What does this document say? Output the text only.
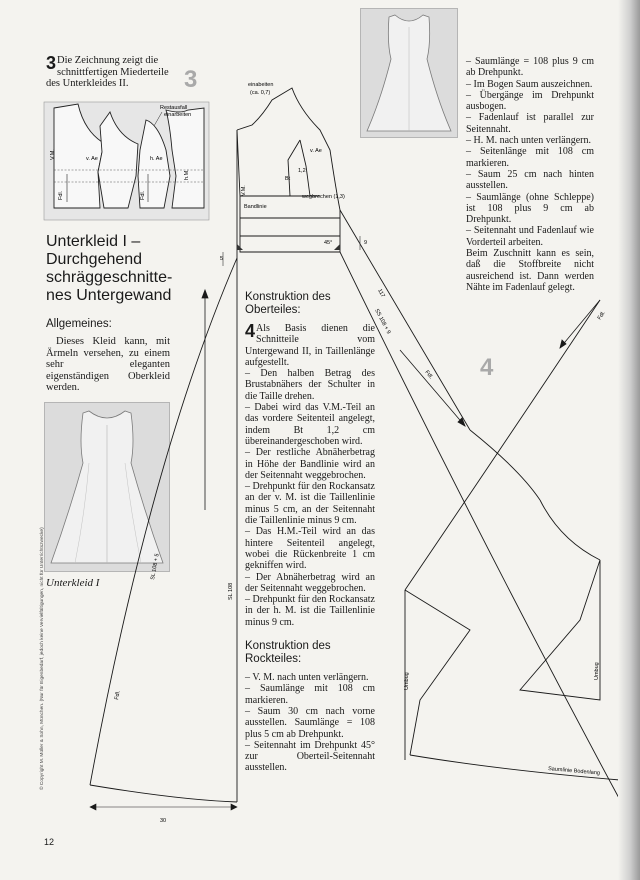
3 Die Zeichnung zeigt die schnittfertigen Miederteile des Unterkleides II.
V.M.	v. Ae	h. Ae
h.M.
Fdl.	Fdl.
Restausfall
einarbeiten
3
Unterkleid I –
Durchgehend
schräggeschnitte-
nes Untergewand
Allgemeines:
Dieses Kleid kann, mit Ärmeln versehen, zu einem sehr eleganten eigenständigen Oberkleid werden.
Unterkleid I
© Copyright M. Müller & Sohn, München. (Nur für Eigenbedarf, jedoch keine Vervielfältigungen, nicht für Unterrichtszwecke)
12
einabeiten
(ca. 0,7)
v. Ae
Bt
1,2
wegbrechen (1,3)
V.M.
Bandlinie
45°
5
9
SL 108
SL 108 + 5
SS 108 + 9
117
Fdl.
Fdl.
Fdl.
30
Umbug
Umbug
Saumlinie Bodenlang
4
Konstruktion des
Oberteiles:

4 Als Basis dienen die Schnitteile vom Untergewand II, in Taillenlänge aufgestellt.

– Den halben Betrag des Brustabnähers der Schulter in die Taille drehen.

– Dabei wird das V.M.-Teil an das vordere Seitenteil angelegt, indem Bt 1,2 cm übereinandergeschoben wird.

– Der restliche Abnäherbetrag in Höhe der Bandlinie wird an der Seitennaht weggebrochen.

– Drehpunkt für den Rockansatz an der v. M. ist die Taillenlinie minus 5 cm, an der Seitennaht die Taillenlinie minus 9 cm.

– Das H.M.-Teil wird an das hintere Seitenteil angelegt, wobei die Rückenbreite 1 cm gekniffen wird.

– Der Abnäherbetrag wird an der Seitennaht weggebrochen.

– Drehpunkt für den Rockansatz in der h. M. ist die Taillenlinie minus 9 cm.

Konstruktion des
Rockteiles:

– V. M. nach unten verlängern.

– Saumlänge mit 108 cm markieren.

– Saum 30 cm nach vorne ausstellen. Saumlänge = 108 plus 5 cm ab Drehpunkt.

– Seitennaht im Drehpunkt 45° zur Oberteil-Seitennaht ausstellen.

– Saumlänge = 108 plus 9 cm ab Drehpunkt.

– Im Bogen Saum auszeichnen.

– Übergänge im Drehpunkt ausbogen.

– Fadenlauf ist parallel zur Seitennaht.

– H. M. nach unten verlängern.

– Seitenlänge mit 108 cm markieren.

– Saum 25 cm nach hinten ausstellen.

– Saumlänge (ohne Schleppe) ist 108 plus 9 cm ab Drehpunkt.

– Seitennaht und Fadenlauf wie Vorderteil arbeiten.

Beim Zuschnitt kann es sein, daß die Stoffbreite nicht ausreichend ist. Dann werden Nähte im Fadenlauf gelegt.
